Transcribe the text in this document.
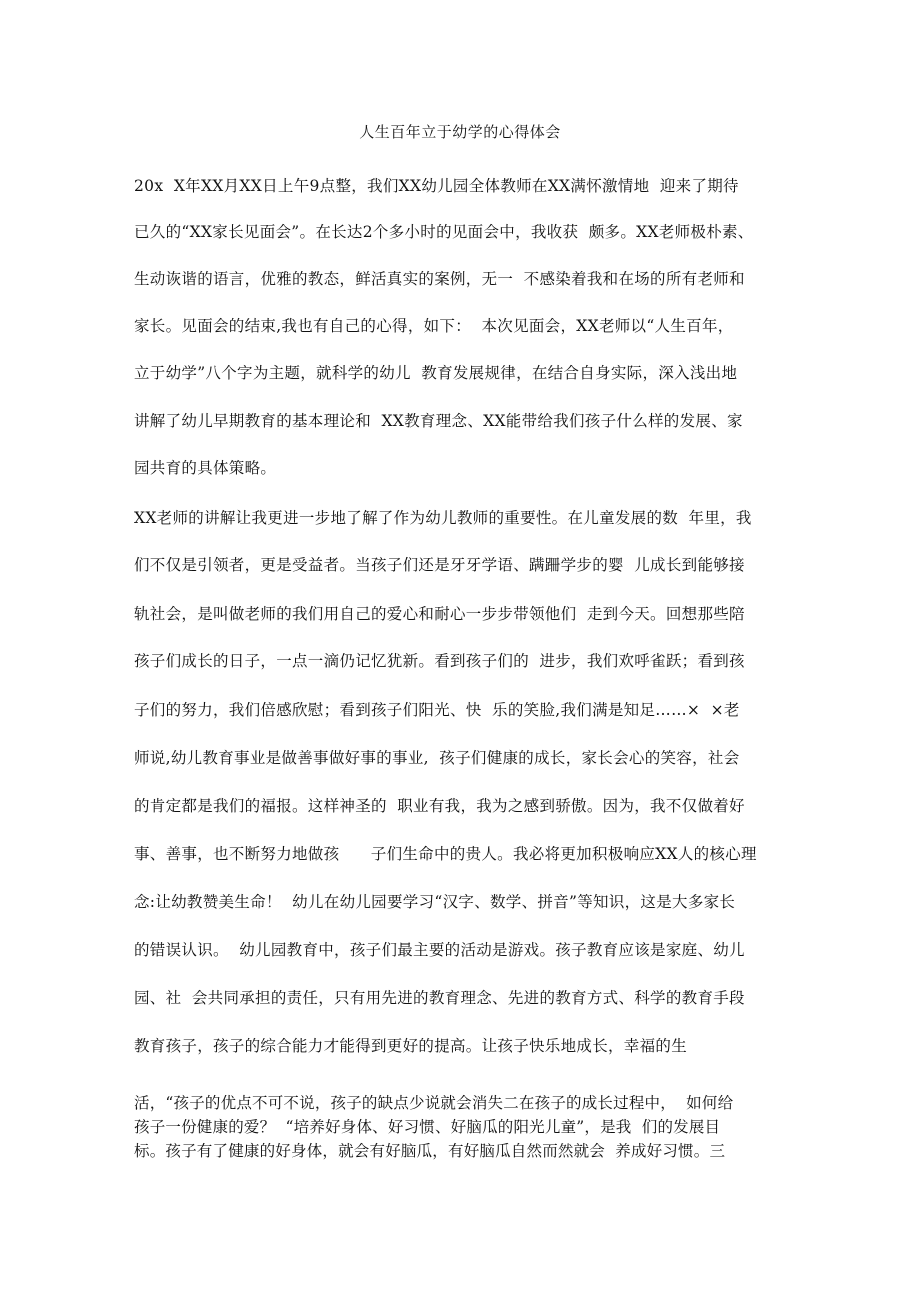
人生百年立于幼学的心得体会
20x  X年XX月XX日上午9点整，我们XX幼儿园全体教师在XX满怀激情地  迎来了期待
已久的“XX家长见面会”。在长达2个多小时的见面会中，我收获  颇多。XX老师极朴素、
生动诙谐的语言，优雅的教态，鲜活真实的案例，无一  不感染着我和在场的所有老师和
家长。见面会的结束,我也有自己的心得，如下：  本次见面会，XX老师以“人生百年，
立于幼学”八个字为主题，就科学的幼儿  教育发展规律，在结合自身实际，深入浅出地
讲解了幼儿早期教育的基本理论和  XX教育理念、XX能带给我们孩子什么样的发展、家
园共育的具体策略。
XX老师的讲解让我更进一步地了解了作为幼儿教师的重要性。在儿童发展的数  年里，我
们不仅是引领者，更是受益者。当孩子们还是牙牙学语、蹒跚学步的婴  儿成长到能够接
轨社会，是叫做老师的我们用自己的爱心和耐心一步步带领他们  走到今天。回想那些陪
孩子们成长的日子，一点一滴仍记忆犹新。看到孩子们的  进步，我们欢呼雀跃；看到孩
子们的努力，我们倍感欣慰；看到孩子们阳光、快  乐的笑脸,我们满是知足……×  ×老
师说,幼儿教育事业是做善事做好事的事业,  孩子们健康的成长，家长会心的笑容，社会
的肯定都是我们的福报。这样神圣的  职业有我，我为之感到骄傲。因为，我不仅做着好
事、善事，也不断努力地做孩      子们生命中的贵人。我必将更加积极响应XX人的核心理
念:让幼教赞美生命！  幼儿在幼儿园要学习“汉字、数学、拼音”等知识，这是大多家长
的错误认识。  幼儿园教育中，孩子们最主要的活动是游戏。孩子教育应该是家庭、幼儿
园、社  会共同承担的责任，只有用先进的教育理念、先进的教育方式、科学的教育手段
教育孩子，孩子的综合能力才能得到更好的提高。让孩子快乐地成长，幸福的生
活，“孩子的优点不可不说，孩子的缺点少说就会消失二在孩子的成长过程中，  如何给
孩子一份健康的爱？  “培养好身体、好习惯、好脑瓜的阳光儿童”，是我  们的发展目
标。孩子有了健康的好身体，就会有好脑瓜，有好脑瓜自然而然就会  养成好习惯。三
